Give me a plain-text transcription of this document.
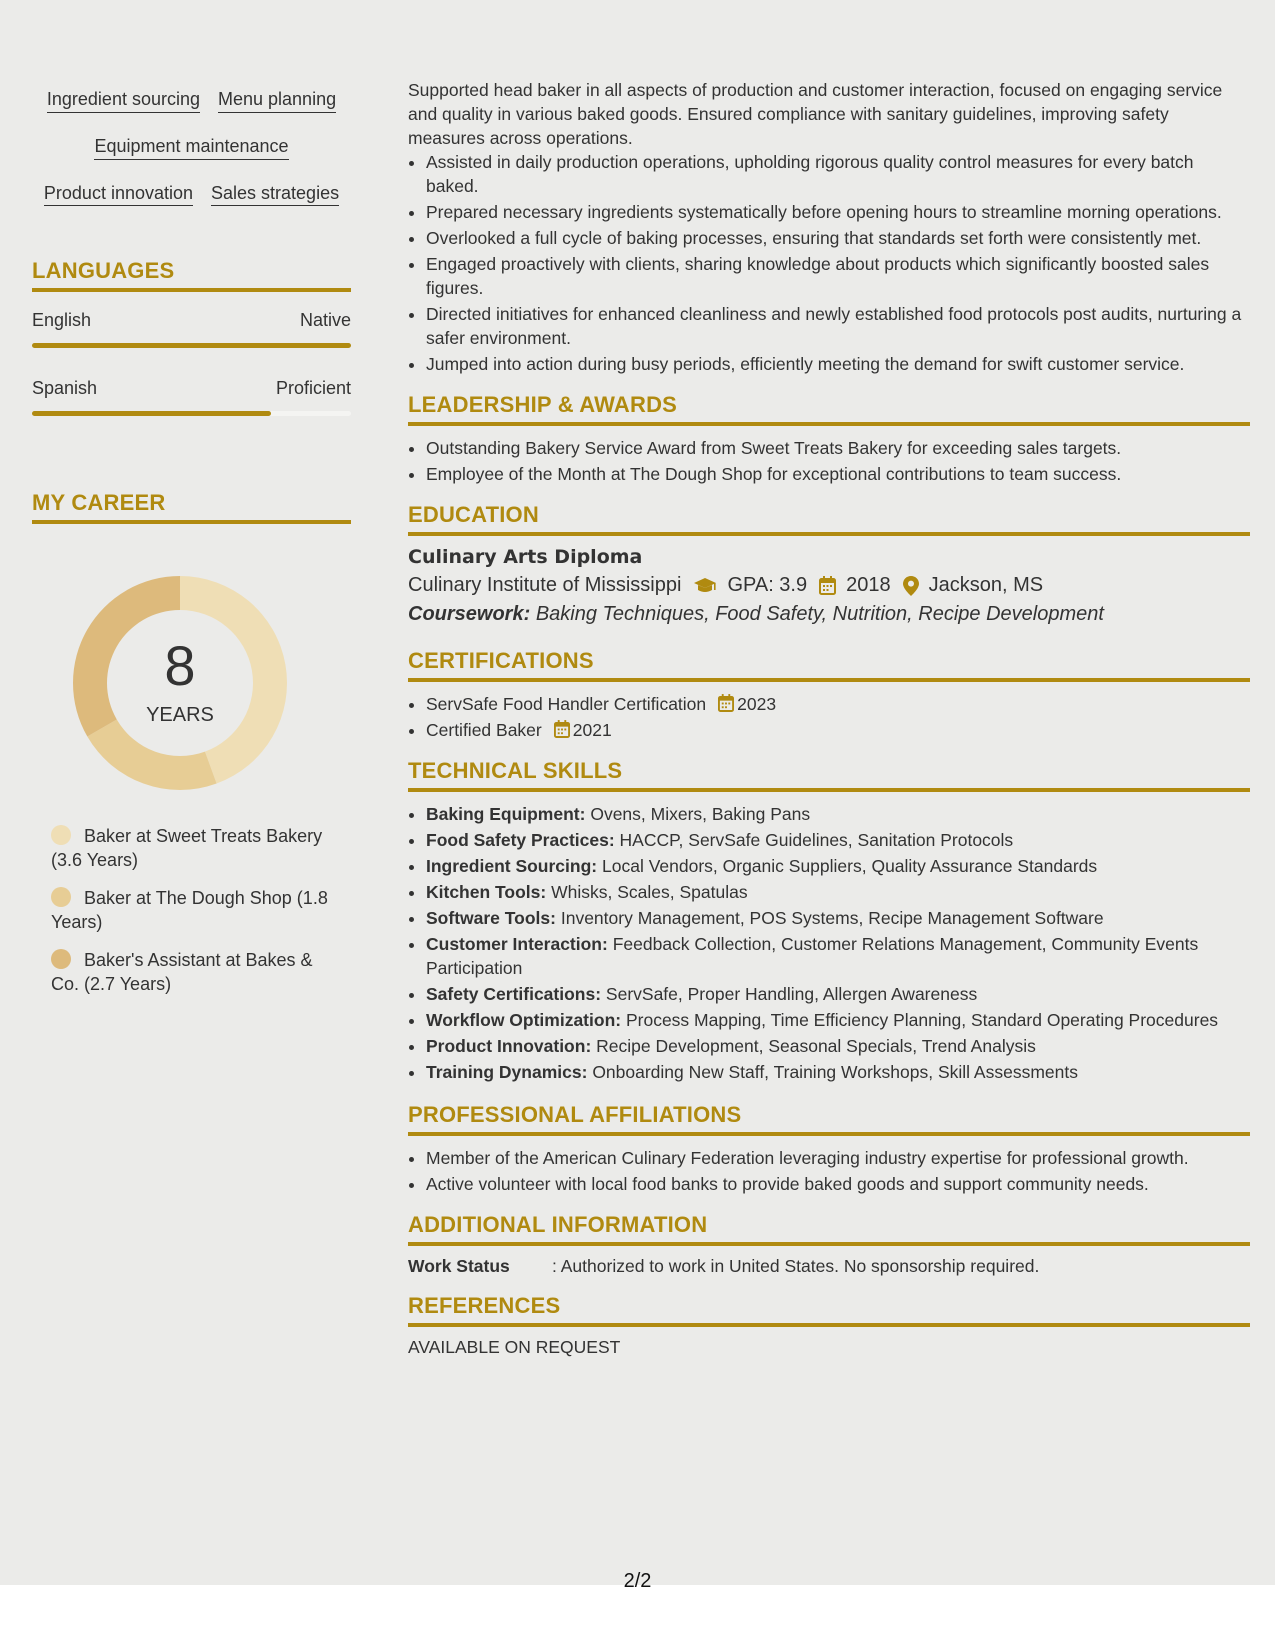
Ingredient sourcing Menu planning
Equipment maintenance
Product innovation Sales strategies
LANGUAGES
English	Native
Spanish	Proficient
MY CAREER
8
YEARS
Baker at Sweet Treats Bakery (3.6 Years)
Baker at The Dough Shop (1.8 Years)
Baker's Assistant at Bakes & Co. (2.7 Years)
Supported head baker in all aspects of production and customer interaction, focused on engaging service and quality in various baked goods. Ensured compliance with sanitary guidelines, improving safety measures across operations.
• Assisted in daily production operations, upholding rigorous quality control measures for every batch baked.
• Prepared necessary ingredients systematically before opening hours to streamline morning operations.
• Overlooked a full cycle of baking processes, ensuring that standards set forth were consistently met.
• Engaged proactively with clients, sharing knowledge about products which significantly boosted sales figures.
• Directed initiatives for enhanced cleanliness and newly established food protocols post audits, nurturing a safer environment.
• Jumped into action during busy periods, efficiently meeting the demand for swift customer service.
LEADERSHIP & AWARDS
• Outstanding Bakery Service Award from Sweet Treats Bakery for exceeding sales targets.
• Employee of the Month at The Dough Shop for exceptional contributions to team success.
EDUCATION
Culinary Arts Diploma
Culinary Institute of Mississippi GPA: 3.9 2018 Jackson, MS
Coursework: Baking Techniques, Food Safety, Nutrition, Recipe Development
CERTIFICATIONS
• ServSafe Food Handler Certification 2023
• Certified Baker 2021
TECHNICAL SKILLS
• Baking Equipment: Ovens, Mixers, Baking Pans
• Food Safety Practices: HACCP, ServSafe Guidelines, Sanitation Protocols
• Ingredient Sourcing: Local Vendors, Organic Suppliers, Quality Assurance Standards
• Kitchen Tools: Whisks, Scales, Spatulas
• Software Tools: Inventory Management, POS Systems, Recipe Management Software
• Customer Interaction: Feedback Collection, Customer Relations Management, Community Events Participation
• Safety Certifications: ServSafe, Proper Handling, Allergen Awareness
• Workflow Optimization: Process Mapping, Time Efficiency Planning, Standard Operating Procedures
• Product Innovation: Recipe Development, Seasonal Specials, Trend Analysis
• Training Dynamics: Onboarding New Staff, Training Workshops, Skill Assessments
PROFESSIONAL AFFILIATIONS
• Member of the American Culinary Federation leveraging industry expertise for professional growth.
• Active volunteer with local food banks to provide baked goods and support community needs.
ADDITIONAL INFORMATION
Work Status	: Authorized to work in United States. No sponsorship required.
REFERENCES
AVAILABLE ON REQUEST
2/2
